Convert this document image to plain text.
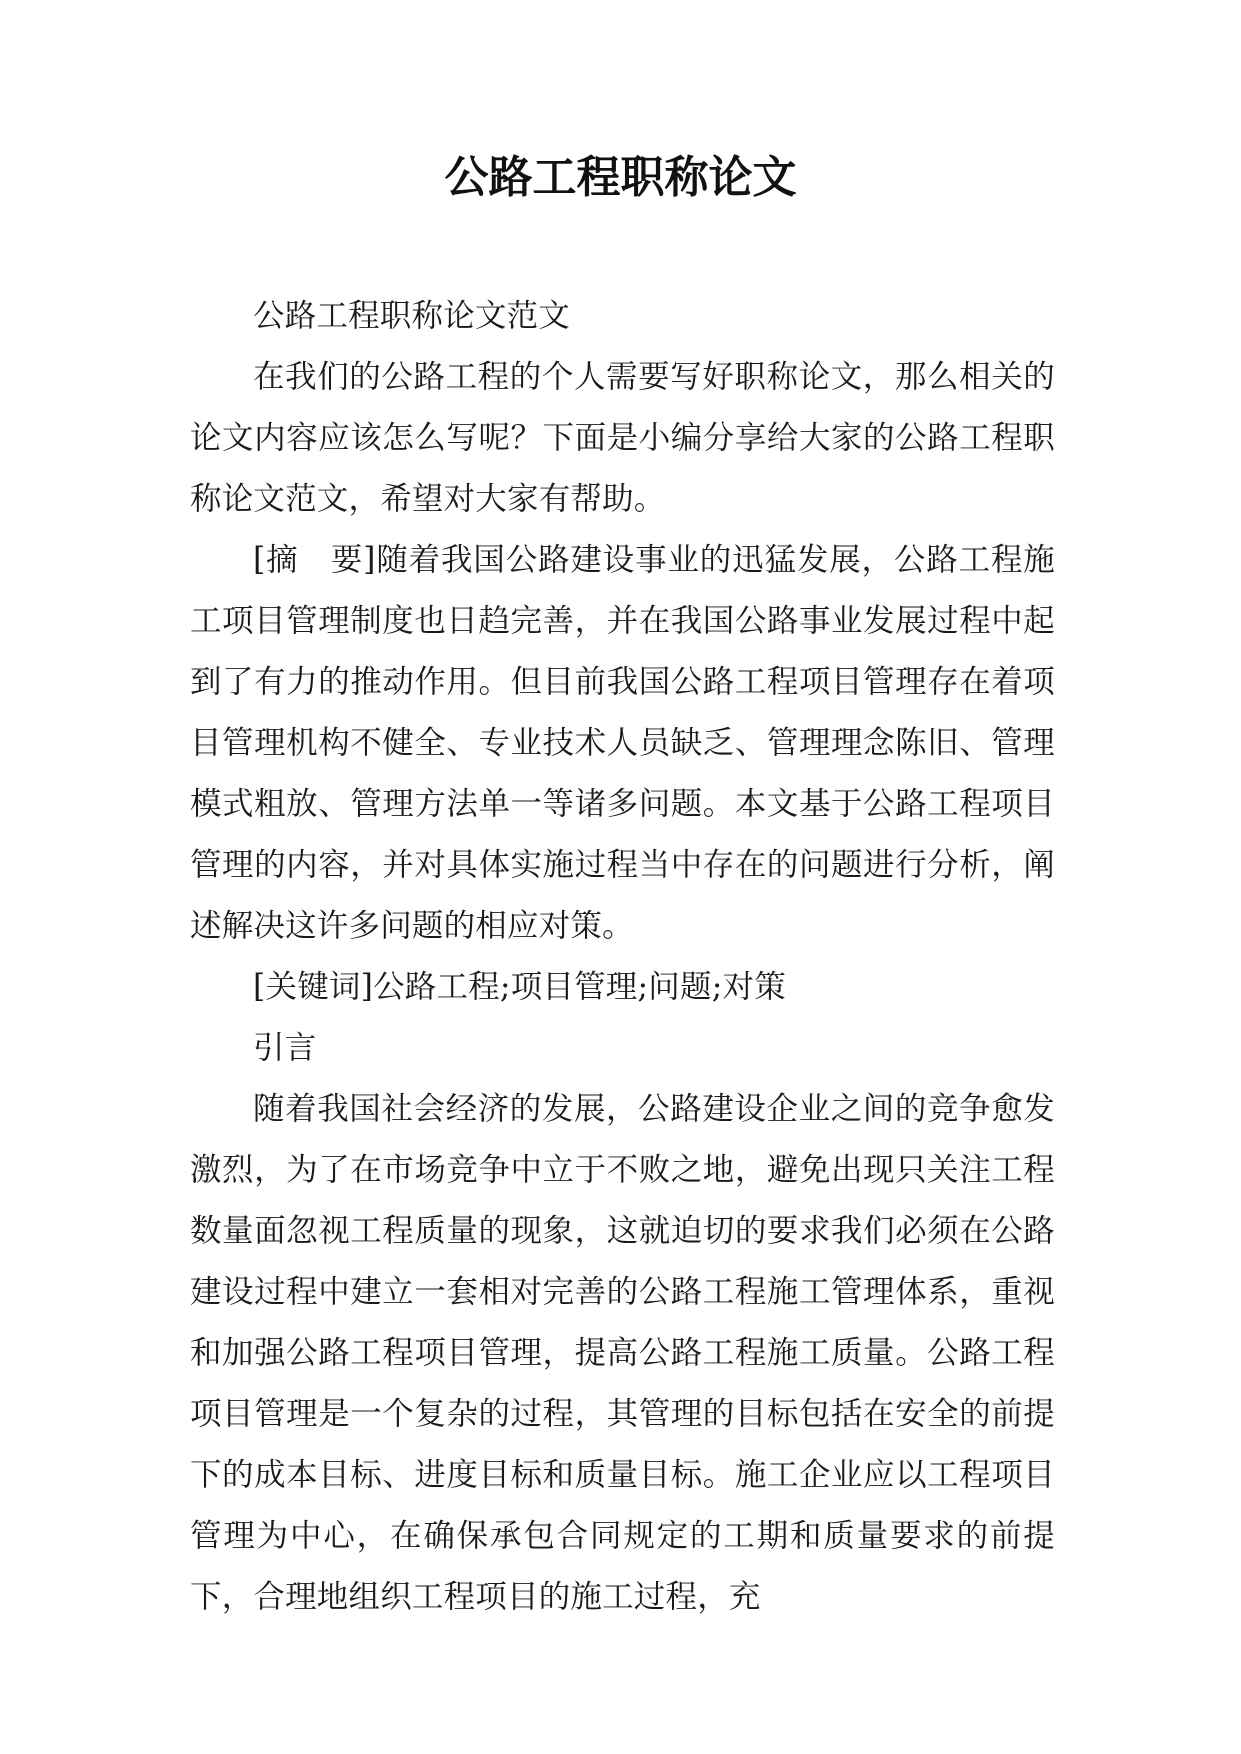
公路工程职称论文

公路工程职称论文范文

在我们的公路工程的个人需要写好职称论文，那么相关的论文内容应该怎么写呢？下面是小编分享给大家的公路工程职称论文范文，希望对大家有帮助。

[摘　要]随着我国公路建设事业的迅猛发展，公路工程施工项目管理制度也日趋完善，并在我国公路事业发展过程中起到了有力的推动作用。但目前我国公路工程项目管理存在着项目管理机构不健全、专业技术人员缺乏、管理理念陈旧、管理模式粗放、管理方法单一等诸多问题。本文基于公路工程项目管理的内容，并对具体实施过程当中存在的问题进行分析，阐述解决这许多问题的相应对策。

[关键词]公路工程;项目管理;问题;对策

引言

随着我国社会经济的发展，公路建设企业之间的竞争愈发激烈，为了在市场竞争中立于不败之地，避免出现只关注工程数量面忽视工程质量的现象，这就迫切的要求我们必须在公路建设过程中建立一套相对完善的公路工程施工管理体系，重视和加强公路工程项目管理，提高公路工程施工质量。公路工程项目管理是一个复杂的过程，其管理的目标包括在安全的前提下的成本目标、进度目标和质量目标。施工企业应以工程项目管理为中心，在确保承包合同规定的工期和质量要求的前提下，合理地组织工程项目的施工过程，充
